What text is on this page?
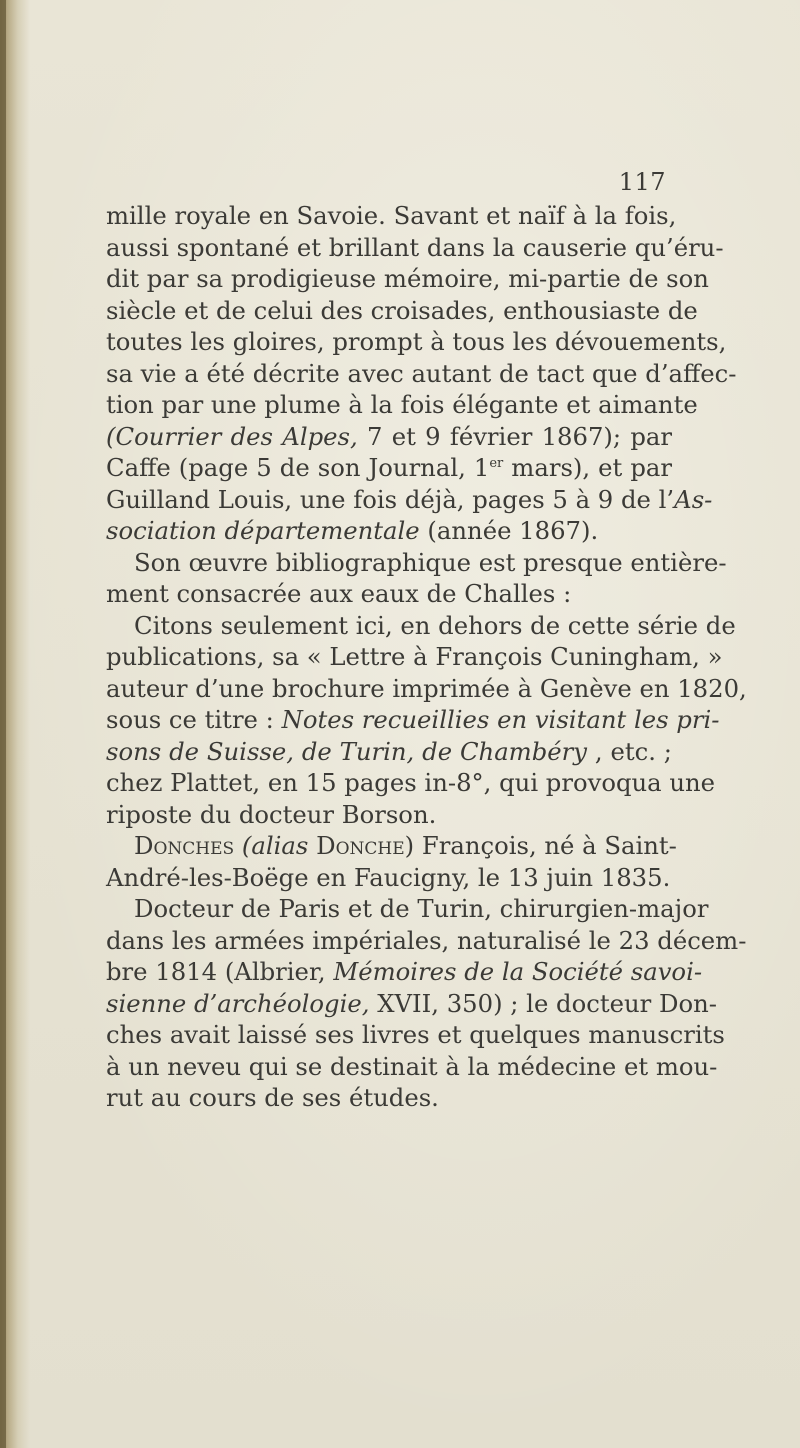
117
mille royale en Savoie. Savant et naïf à la fois,
aussi spontané et brillant dans la causerie qu’éru-
dit par sa prodigieuse mémoire, mi-partie de son
siècle et de celui des croisades, enthousiaste de
toutes les gloires, prompt à tous les dévouements,
sa vie a été décrite avec autant de tact que d’affec-
tion par une plume à la fois élégante et aimante
(Courrier des Alpes, 7 et 9 février 1867); par
Caffe (page 5 de son Journal, 1er mars), et par
Guilland Louis, une fois déjà, pages 5 à 9 de l’As-
sociation départementale (année 1867).
Son œuvre bibliographique est presque entière-
ment consacrée aux eaux de Challes :
Citons seulement ici, en dehors de cette série de
publications, sa « Lettre à François Cuningham, »
auteur d’une brochure imprimée à Genève en 1820,
sous ce titre : Notes recueillies en visitant les pri-
sons de Suisse, de Turin, de Chambéry , etc. ;
chez Plattet, en 15 pages in-8°, qui provoqua une
riposte du docteur Borson.
Donches (alias Donche) François, né à Saint-
André-les-Boëge en Faucigny, le 13 juin 1835.
Docteur de Paris et de Turin, chirurgien-major
dans les armées impériales, naturalisé le 23 décem-
bre 1814 (Albrier, Mémoires de la Société savoi-
sienne d’archéologie, XVII, 350) ; le docteur Don-
ches avait laissé ses livres et quelques manuscrits
à un neveu qui se destinait à la médecine et mou-
rut au cours de ses études.
